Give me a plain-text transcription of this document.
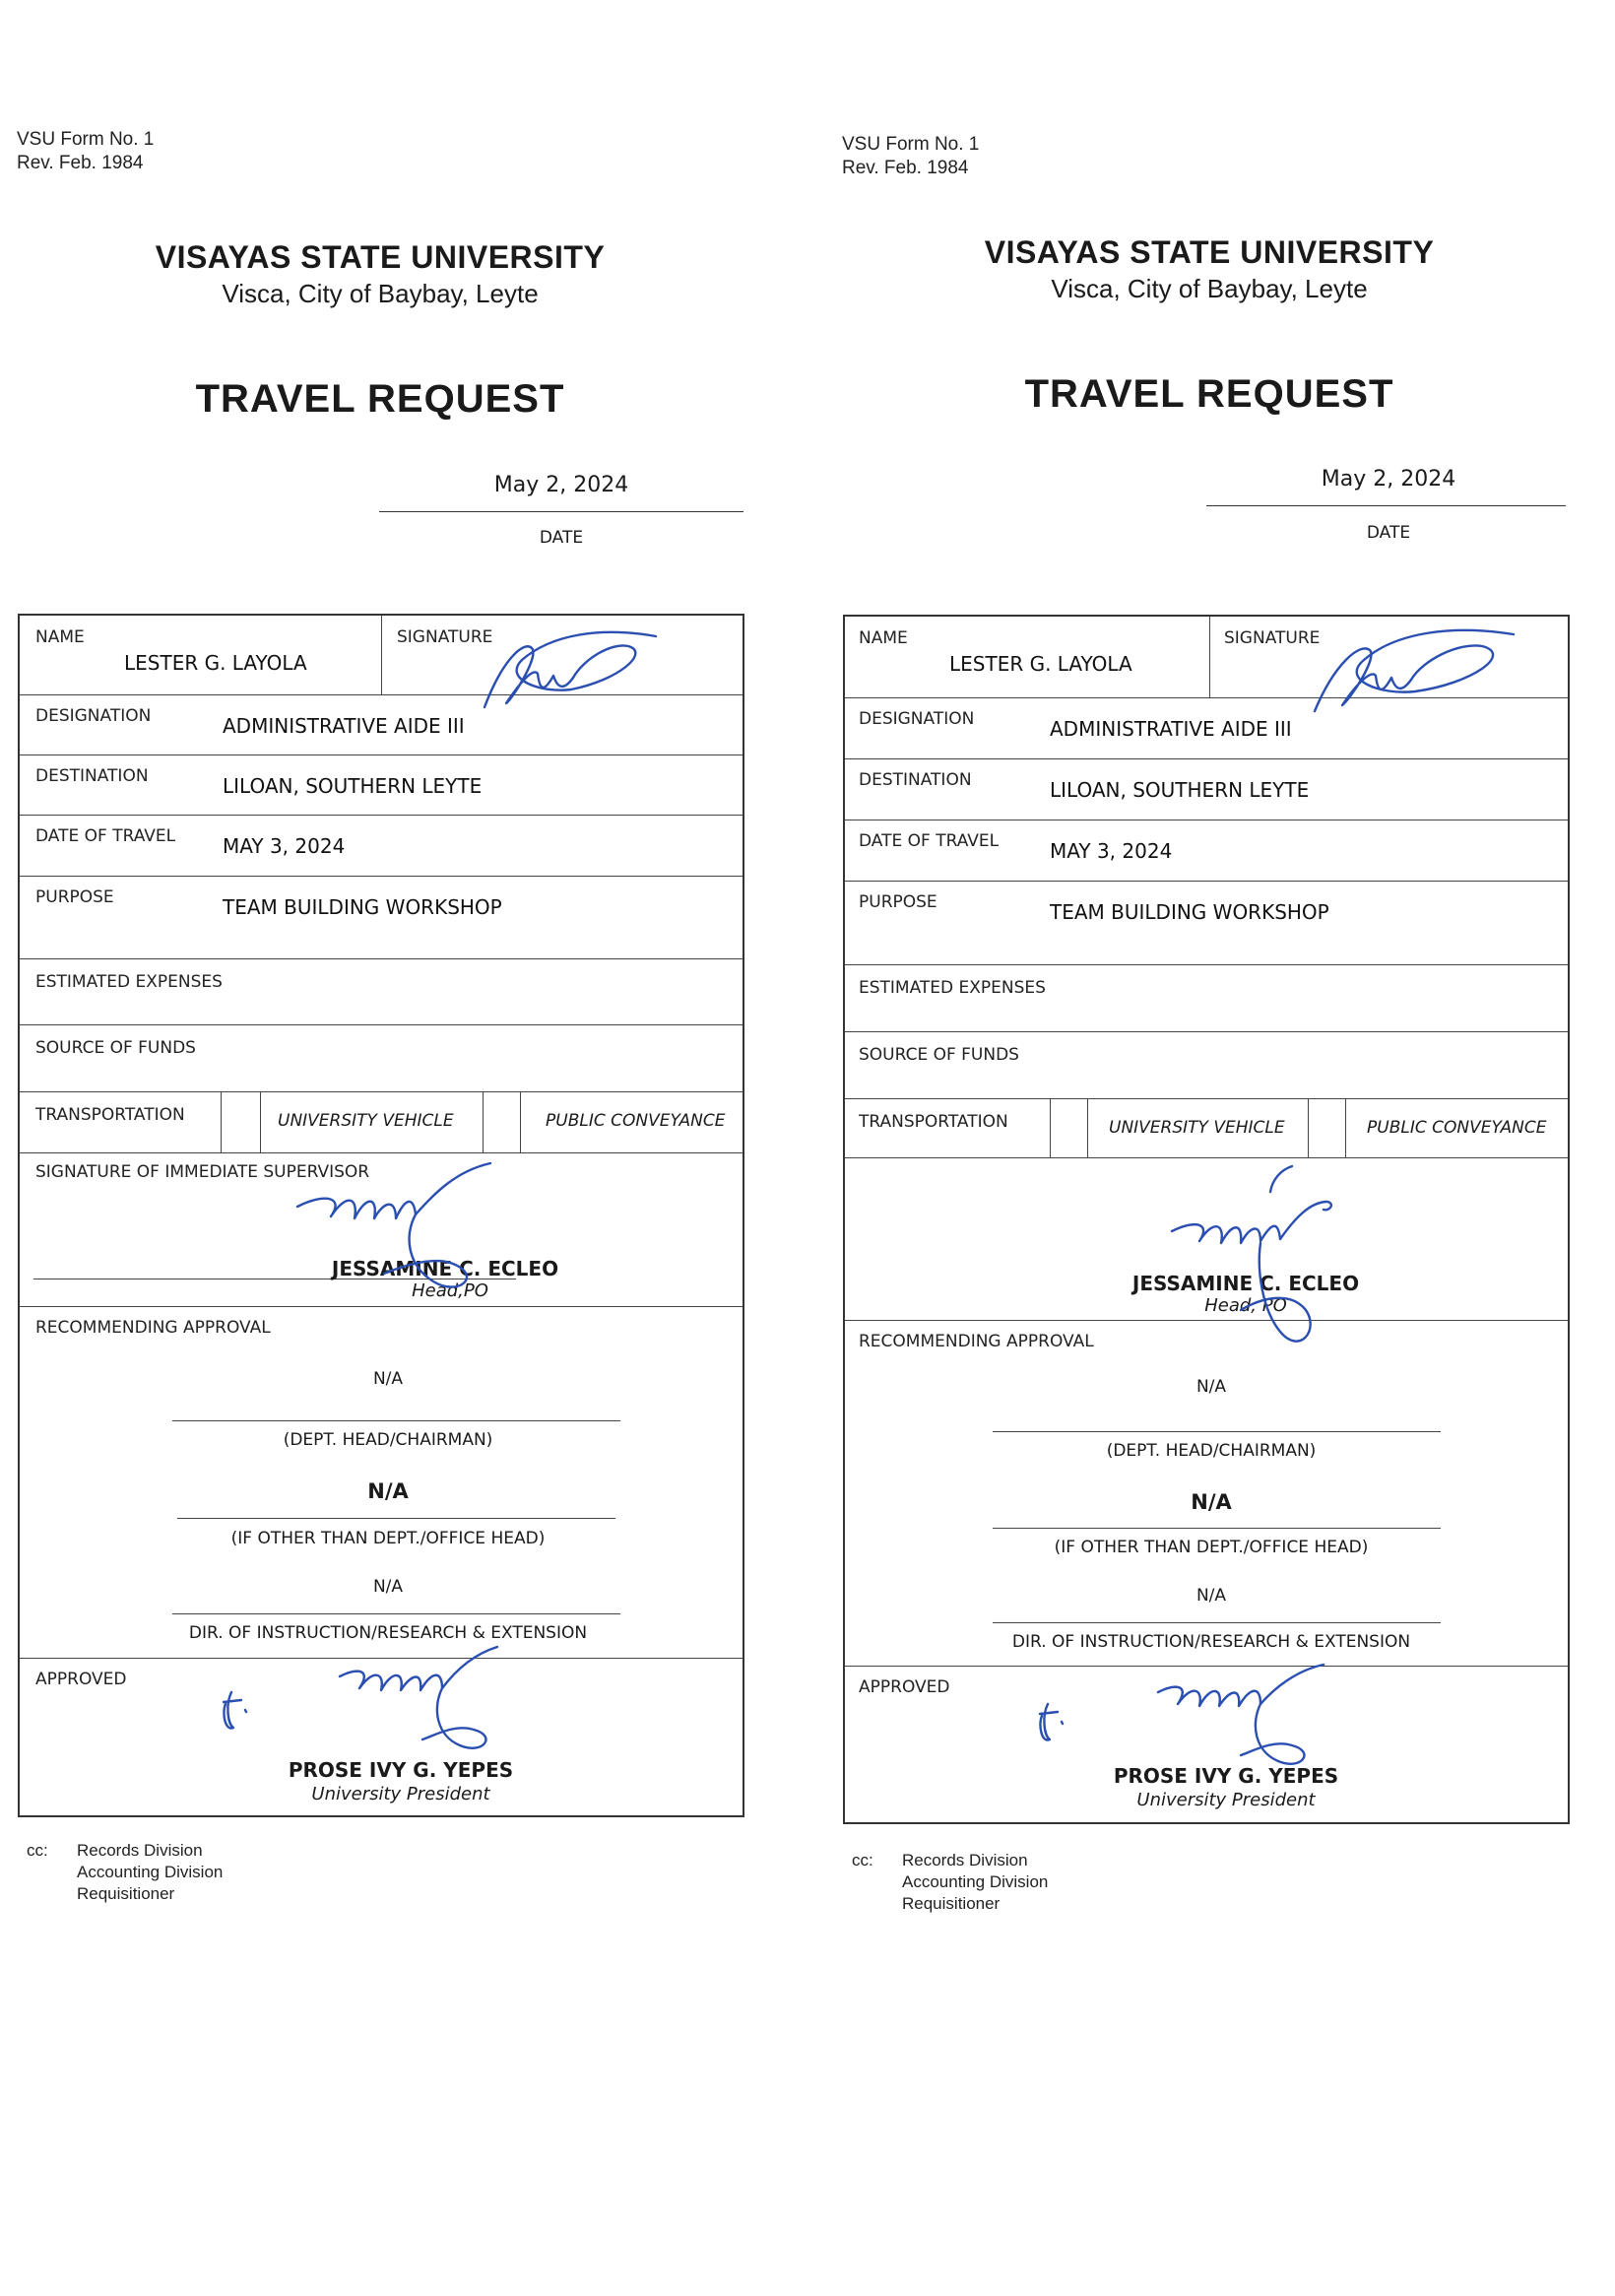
VSU Form No. 1
Rev. Feb. 1984
VISAYAS STATE UNIVERSITY
Visca, City of Baybay, Leyte
TRAVEL REQUEST
May 2, 2024
DATE
NAME
LESTER G. LAYOLA
SIGNATURE
DESIGNATION	ADMINISTRATIVE AIDE III
DESTINATION	LILOAN, SOUTHERN LEYTE
DATE OF TRAVEL MAY 3, 2024
PURPOSE	TEAM BUILDING WORKSHOP
ESTIMATED EXPENSES
SOURCE OF FUNDS
TRANSPORTATION	UNIVERSITY VEHICLE	PUBLIC CONVEYANCE
SIGNATURE OF IMMEDIATE SUPERVISOR
JESSAMINE C. ECLEO
Head,PO
RECOMMENDING APPROVAL
N/A
(DEPT. HEAD/CHAIRMAN)
N/A
(IF OTHER THAN DEPT./OFFICE HEAD)
N/A
DIR. OF INSTRUCTION/RESEARCH & EXTENSION
APPROVED
PROSE IVY G. YEPES
University President
cc: Records Division
Accounting Division
Requisitioner
VSU Form No. 1
Rev. Feb. 1984
VISAYAS STATE UNIVERSITY
Visca, City of Baybay, Leyte
TRAVEL REQUEST
May 2, 2024
DATE
NAME
LESTER G. LAYOLA
SIGNATURE
DESIGNATION	ADMINISTRATIVE AIDE III
DESTINATION	LILOAN, SOUTHERN LEYTE
DATE OF TRAVEL	MAY 3, 2024
PURPOSE	TEAM BUILDING WORKSHOP
ESTIMATED EXPENSES
SOURCE OF FUNDS
TRANSPORTATION	UNIVERSITY VEHICLE	PUBLIC CONVEYANCE
JESSAMINE C. ECLEO
Head, PO
RECOMMENDING APPROVAL
N/A
(DEPT. HEAD/CHAIRMAN)
N/A
(IF OTHER THAN DEPT./OFFICE HEAD)
N/A
DIR. OF INSTRUCTION/RESEARCH & EXTENSION
APPROVED
PROSE IVY G. YEPES
University President
cc: Records Division
Accounting Division
Requisitioner
